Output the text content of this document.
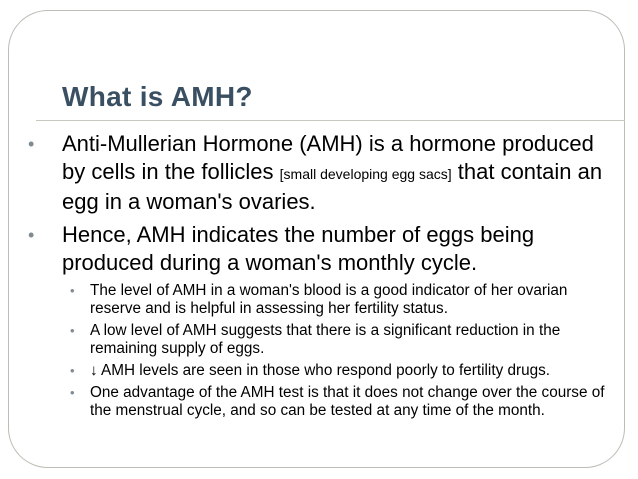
What is AMH?
• Anti-Mullerian Hormone (AMH) is a hormone produced by cells in the follicles [small developing egg sacs] that contain an egg in a woman's ovaries.
• Hence, AMH indicates the number of eggs being produced during a woman's monthly cycle.
• The level of AMH in a woman's blood is a good indicator of her ovarian reserve and is helpful in assessing her fertility status.
• A low level of AMH suggests that there is a significant reduction in the remaining supply of eggs.
• ↓ AMH levels are seen in those who respond poorly to fertility drugs.
• One advantage of the AMH test is that it does not change over the course of the menstrual cycle, and so can be tested at any time of the month.
